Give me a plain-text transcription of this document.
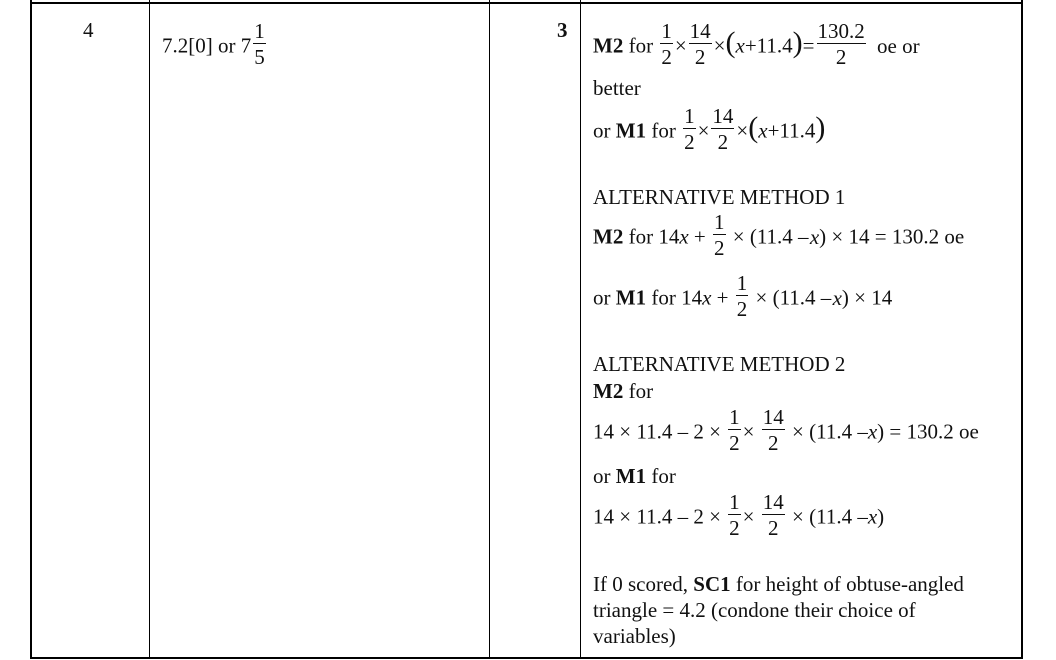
4
7.2[0] or $7 \frac{1}{5}$	3
M2 for $\frac{1}{2} \times \frac{14}{2} \times(x+11.4)= \frac{130.2}{2}$ oe or
better
or M1 for $\frac{1}{2} \times \frac{14}{2} \times(x+11.4)$
ALTERNATIVE METHOD 1
M2 for $14x + \frac{1}{2} \times (11.4 - x) \times 14 = 130.2$ oe
or M1 for $14x + \frac{1}{2} \times (11.4 - x) \times 14$
ALTERNATIVE METHOD 2
M2 for
$14 \times 11.4 - 2 \times \frac{1}{2} \times \frac{14}{2} \times (11.4$ –x) = 130.2 oe
or M1 for
$14 \times 11.4 - 2 \times \frac{1}{2} \times \frac{14}{2} \times (11.4$ –x)
If 0 scored, SC1 for height of obtuse-angled
triangle = 4.2 (condone their choice of
variables)
